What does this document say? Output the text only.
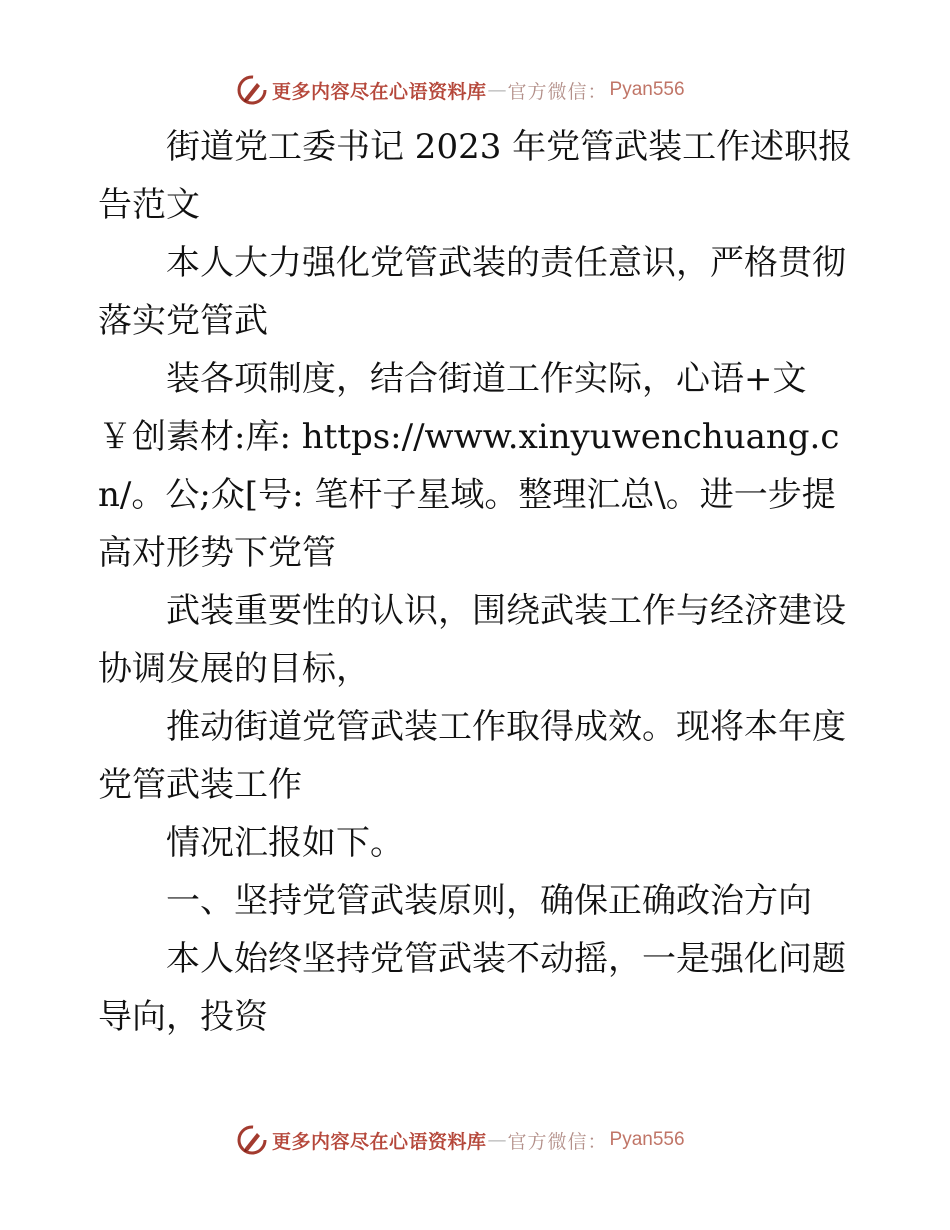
更多内容尽在心语资料库 — 官方微信： Pyan556

街道党工委书记 2023 年党管武装工作述职报告范文

本人大力强化党管武装的责任意识，严格贯彻落实党管武

装各项制度，结合街道工作实际，心语+文￥创素材:库: https://www.xinyuwenchuang.cn/。公;众[号: 笔杆子星域。整理汇总\。进一步提高对形势下党管

武装重要性的认识，围绕武装工作与经济建设协调发展的目标，

推动街道党管武装工作取得成效。现将本年度党管武装工作

情况汇报如下。

一、坚持党管武装原则，确保正确政治方向

本人始终坚持党管武装不动摇，一是强化问题导向，投资

更多内容尽在心语资料库 — 官方微信： Pyan556
